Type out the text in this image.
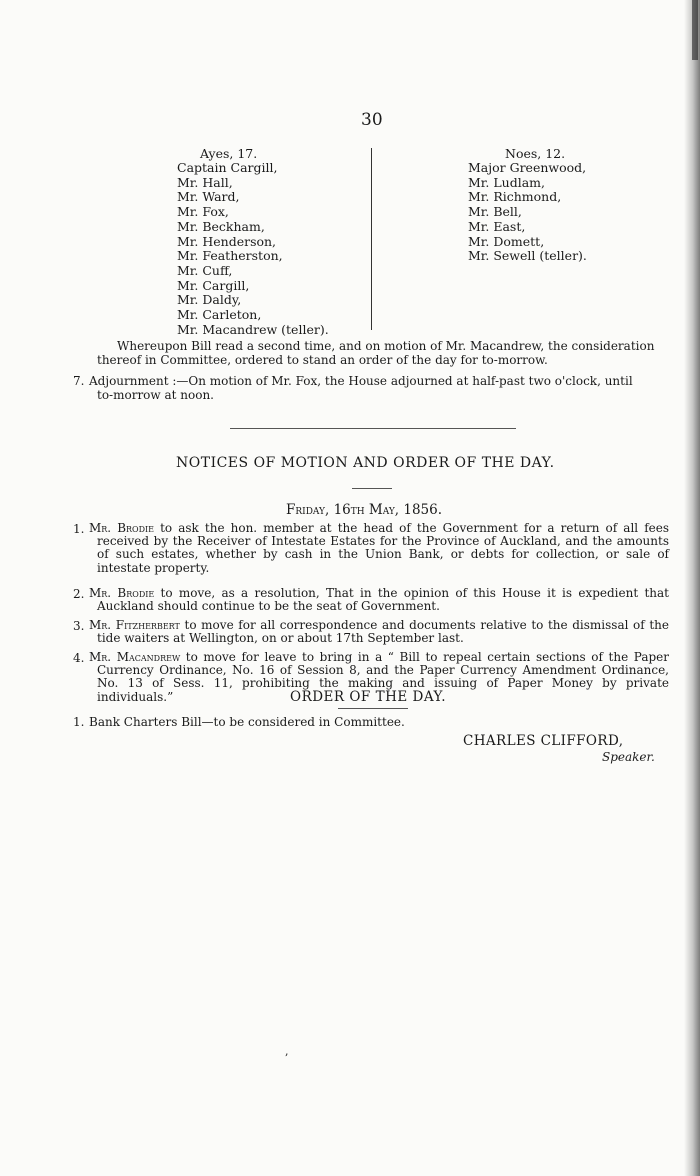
30
Ayes, 17.
Captain Cargill,
Mr. Hall,
Mr. Ward,
Mr. Fox,
Mr. Beckham,
Mr. Henderson,
Mr. Featherston,
Mr. Cuff,
Mr. Cargill,
Mr. Daldy,
Mr. Carleton,
Mr. Macandrew (teller).
Noes, 12.
Major Greenwood,
Mr. Ludlam,
Mr. Richmond,
Mr. Bell,
Mr. East,
Mr. Domett,
Mr. Sewell (teller).
Whereupon Bill read a second time, and on motion of Mr. Macandrew, the consideration
thereof in Committee, ordered to stand an order of the day for to-morrow.
7. Adjournment :—On motion of Mr. Fox, the House adjourned at half-past two o'clock, until
to-morrow at noon.
NOTICES OF MOTION AND ORDER OF THE DAY.
Friday, 16th May, 1856.
1. Mr. Brodie to ask the hon. member at the head of the Government for a return of all fees received by the Receiver of Intestate Estates for the Province of Auckland, and the amounts of such estates, whether by cash in the Union Bank, or debts for collection, or sale of intestate property.
2. Mr. Brodie to move, as a resolution, That in the opinion of this House it is expedient that Auckland should continue to be the seat of Government.
3. Mr. Fitzherbert to move for all correspondence and documents relative to the dismissal of the tide waiters at Wellington, on or about 17th September last.
4. Mr. Macandrew to move for leave to bring in a “ Bill to repeal certain sections of the Paper Currency Ordinance, No. 16 of Session 8, and the Paper Currency Amendment Ordinance, No. 13 of Sess. 11, prohibiting the making and issuing of Paper Money by private individuals.”	ORDER OF THE DAY.
1. Bank Charters Bill—to be considered in Committee.
CHARLES CLIFFORD,
Speaker.
,
